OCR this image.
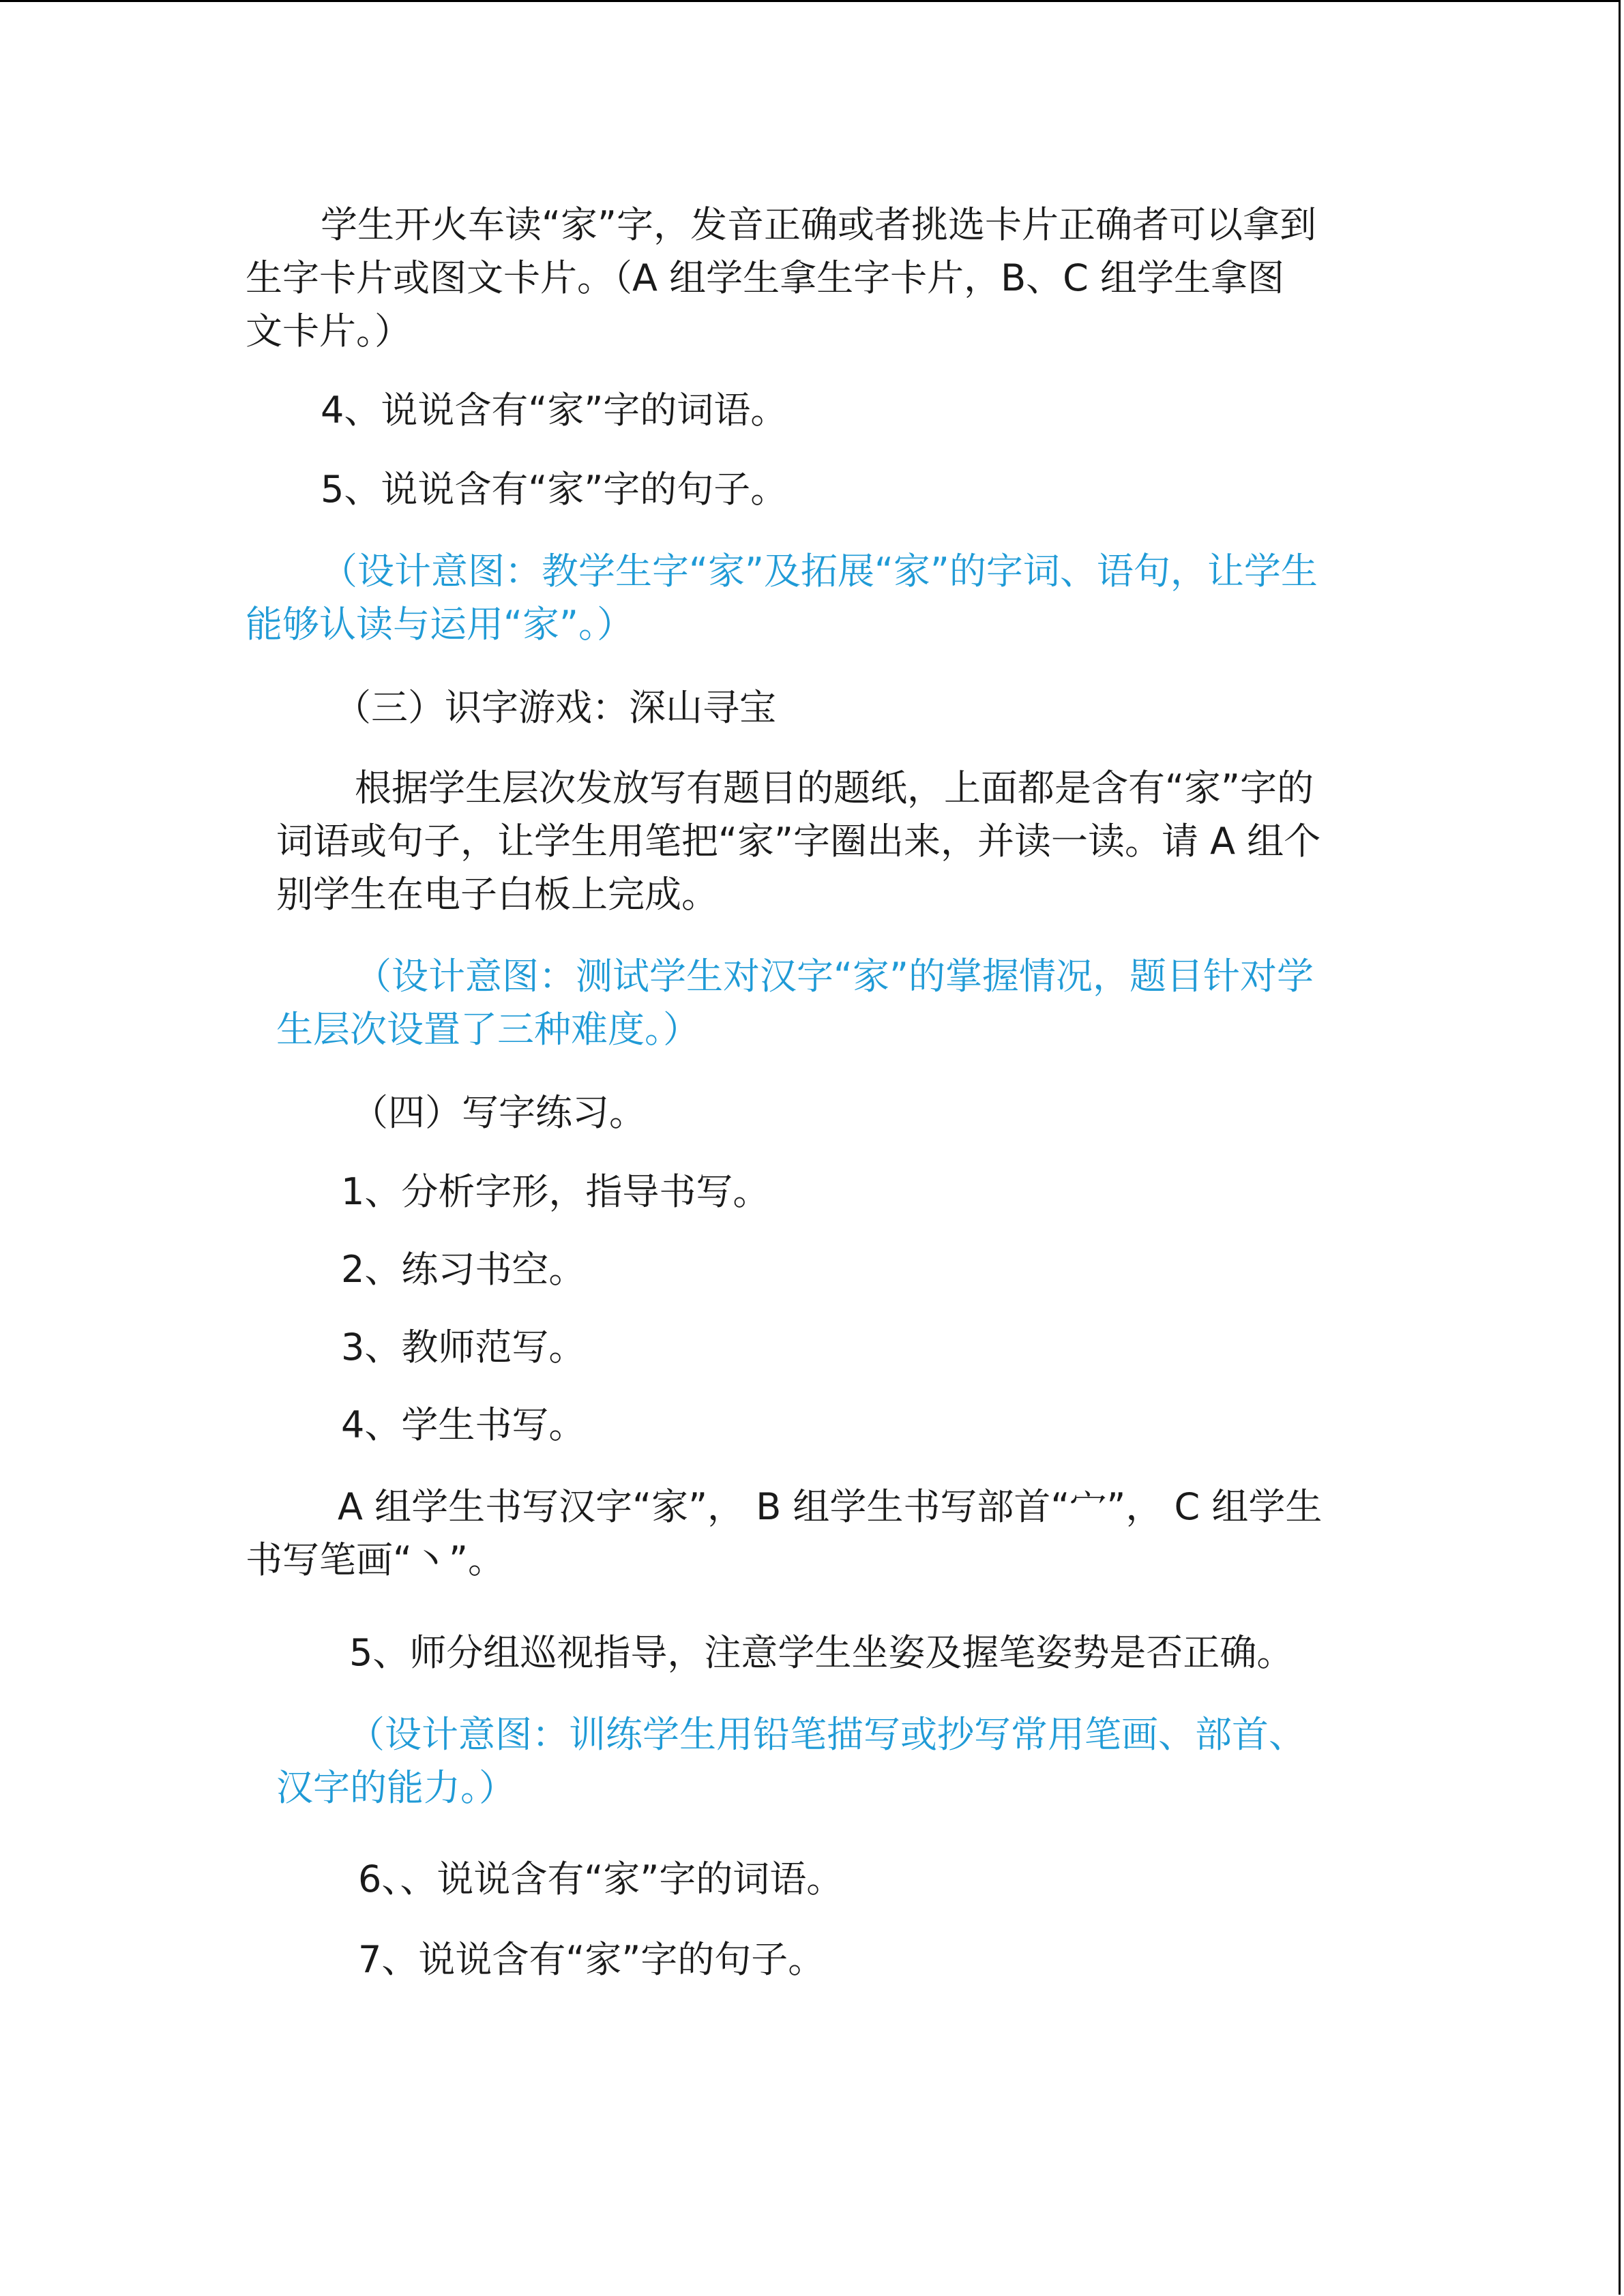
学生开火车读“家”字，发音正确或者挑选卡片正确者可以拿到
生字卡片或图文卡片。（A 组学生拿生字卡片，B、C 组学生拿图
文卡片。）
4、说说含有“家”字的词语。
5、说说含有“家”字的句子。
（设计意图：教学生字“家”及拓展“家”的字词、语句，让学生
能够认读与运用“家”。）
（三）识字游戏：深山寻宝
根据学生层次发放写有题目的题纸，上面都是含有“家”字的
词语或句子，让学生用笔把“家”字圈出来，并读一读。请 A 组个
别学生在电子白板上完成。
（设计意图：测试学生对汉字“家”的掌握情况，题目针对学
生层次设置了三种难度。）
（四）写字练习。
1、分析字形，指导书写。
2、练习书空。
3、教师范写。
4、学生书写。
A 组学生书写汉字“家”， B 组学生书写部首“宀”， C 组学生
书写笔画“丶”。
5、师分组巡视指导，注意学生坐姿及握笔姿势是否正确。
（设计意图：训练学生用铅笔描写或抄写常用笔画、部首、
汉字的能力。）
6、、说说含有“家”字的词语。
7、说说含有“家”字的句子。
